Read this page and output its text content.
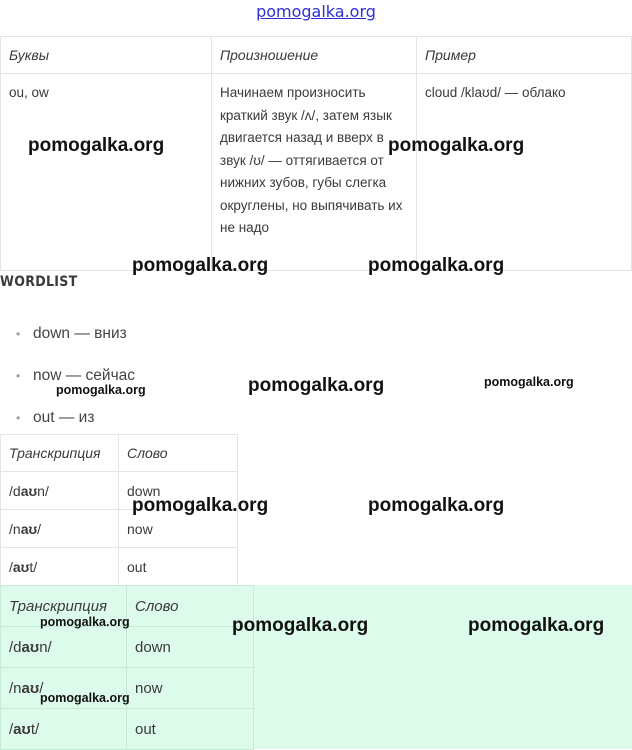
pomogalka.org
Буквы	Произношение	Пример
ou, ow	Начинаем произносить краткий звук /ʌ/, затем язык двигается назад и вверх в звук /ʊ/ — оттягивается от нижних зубов, губы слегка округлены, но выпячивать их не надо	cloud /klaʊd/ — облако
WORDLIST
• down — вниз
• now — сейчас
• out — из
Транскрипция	Слово
/daʊn/	down
/naʊ/	now
/aʊt/	out
Транскрипция	Слово
/daʊn/	down
/naʊ/	now
/aʊt/	out
pomogalka.org	pomogalka.org
pomogalka.org	pomogalka.org
pomogalka.org	pomogalka.org	pomogalka.org
pomogalka.org	pomogalka.org
pomogalka.org	pomogalka.org	pomogalka.org
pomogalka.org
